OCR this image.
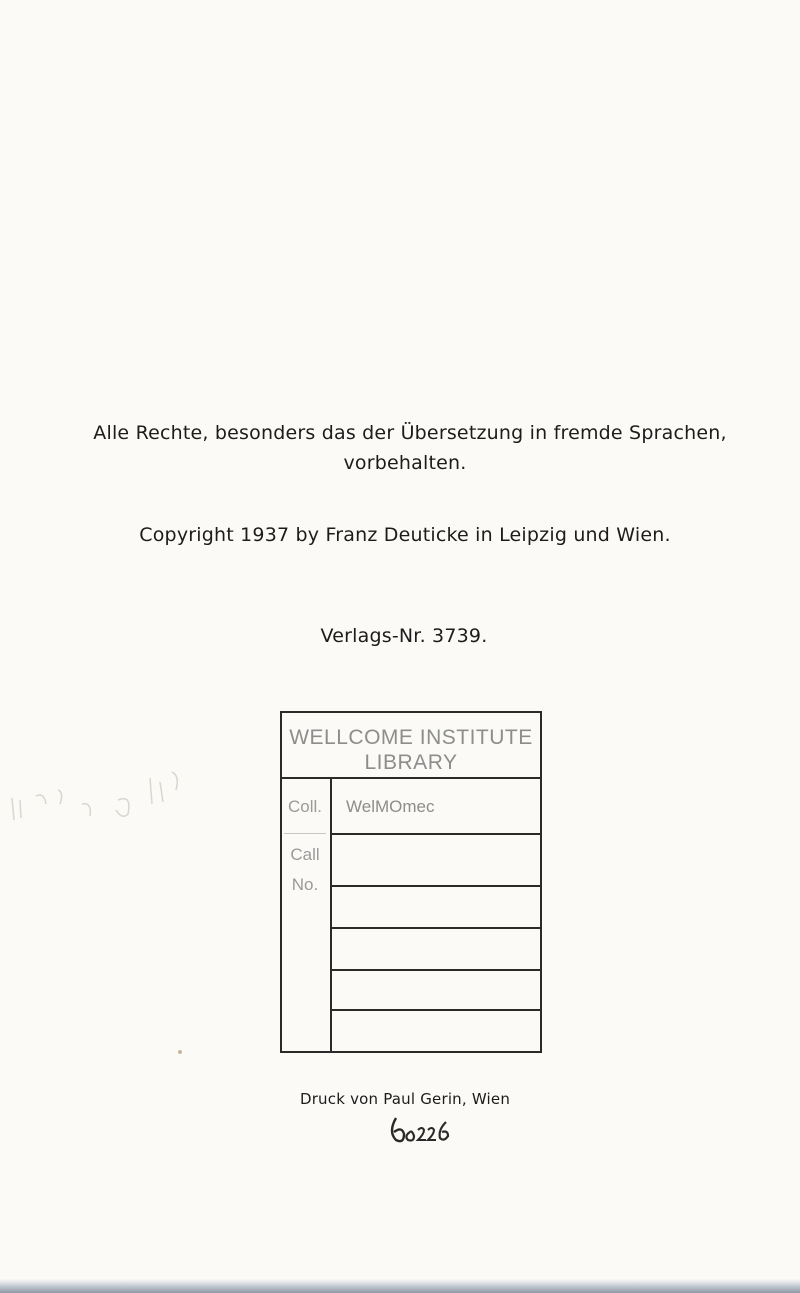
Alle Rechte, besonders das der Übersetzung in fremde Sprachen,
vorbehalten.
Copyright 1937 by Franz Deuticke in Leipzig und Wien.
Verlags-Nr. 3739.
WELLCOME INSTITUTE
LIBRARY
Coll.	WelMOmec
Call
No.
Druck von Paul Gerin, Wien
